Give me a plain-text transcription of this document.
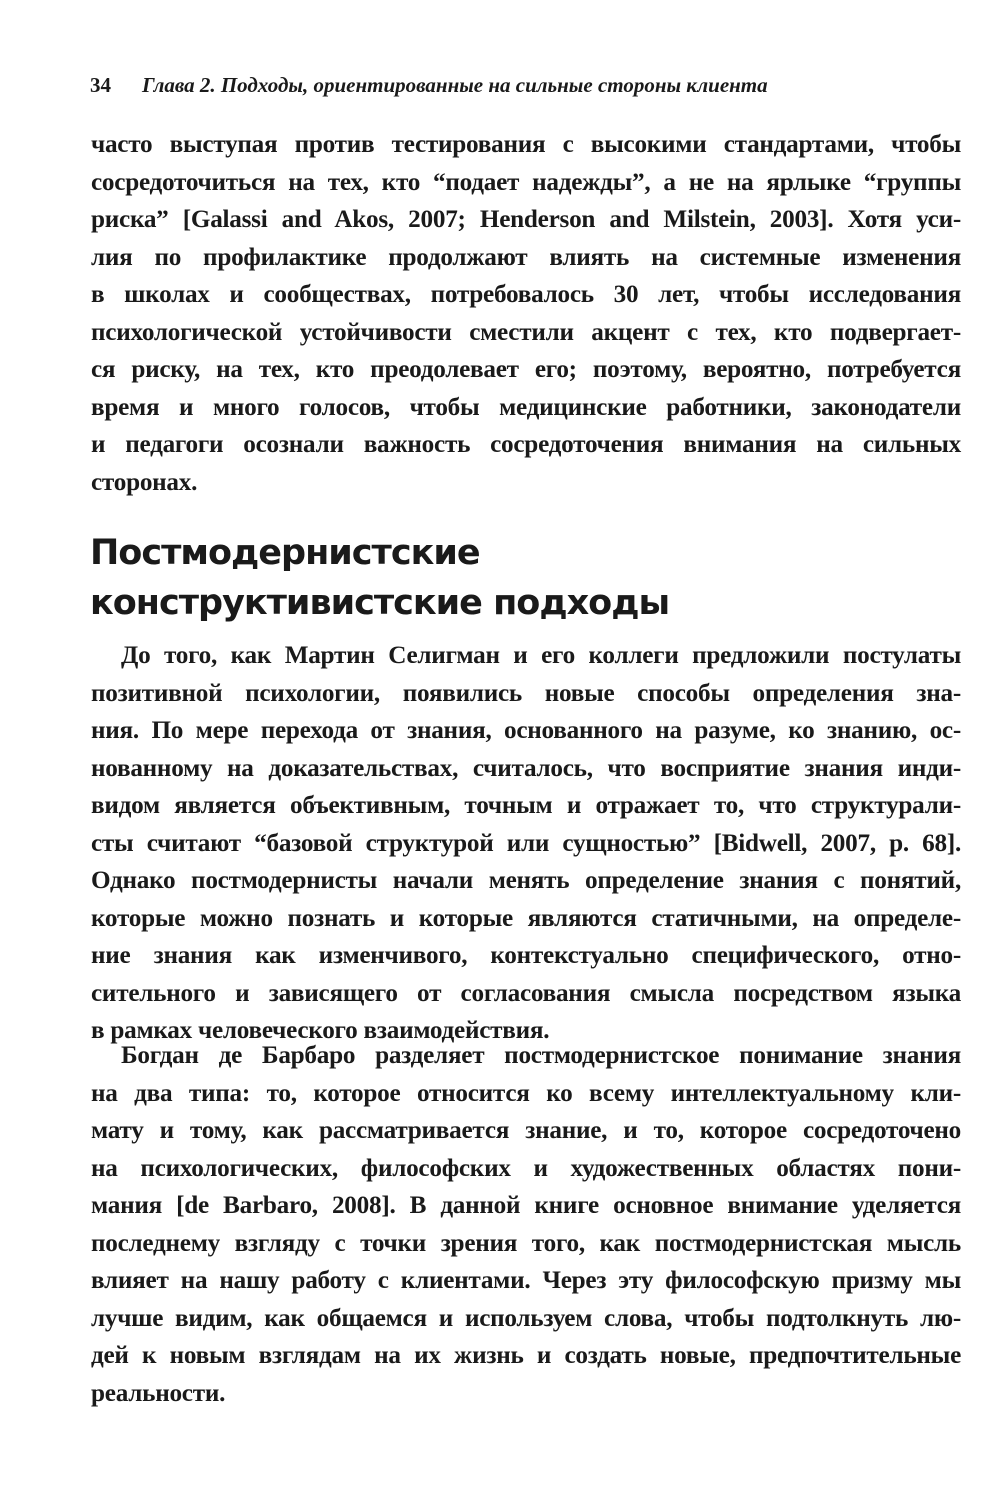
34 Глава 2. Подходы, ориентированные на сильные стороны клиента

часто выступая против тестирования с высокими стандартами, чтобы
сосредоточиться на тех, кто “подает надежды”, а не на ярлыке “группы
риска” [Galassi and Akos, 2007; Henderson and Milstein, 2003]. Хотя уси-
лия по профилактике продолжают влиять на системные изменения
в школах и сообществах, потребовалось 30 лет, чтобы исследования
психологической устойчивости сместили акцент с тех, кто подвергает-
ся риску, на тех, кто преодолевает его; поэтому, вероятно, потребуется
время и много голосов, чтобы медицинские работники, законодатели
и педагоги осознали важность сосредоточения внимания на сильных
сторонах.

Постмодернистские
конструктивистские подходы

До того, как Мартин Селигман и его коллеги предложили постулаты
позитивной психологии, появились новые способы определения зна-
ния. По мере перехода от знания, основанного на разуме, ко знанию, ос-
нованному на доказательствах, считалось, что восприятие знания инди-
видом является объективным, точным и отражает то, что структурали-
сты считают “базовой структурой или сущностью” [Bidwell, 2007, p. 68].
Однако постмодернисты начали менять определение знания с понятий,
которые можно познать и которые являются статичными, на определе-
ние знания как изменчивого, контекстуально специфического, отно-
сительного и зависящего от согласования смысла посредством языка
в рамках человеческого взаимодействия.

Богдан де Барбаро разделяет постмодернистское понимание знания
на два типа: то, которое относится ко всему интеллектуальному кли-
мату и тому, как рассматривается знание, и то, которое сосредоточено
на психологических, философских и художественных областях пони-
мания [de Barbaro, 2008]. В данной книге основное внимание уделяется
последнему взгляду с точки зрения того, как постмодернистская мысль
влияет на нашу работу с клиентами. Через эту философскую призму мы
лучше видим, как общаемся и используем слова, чтобы подтолкнуть лю-
дей к новым взглядам на их жизнь и создать новые, предпочтительные
реальности.
